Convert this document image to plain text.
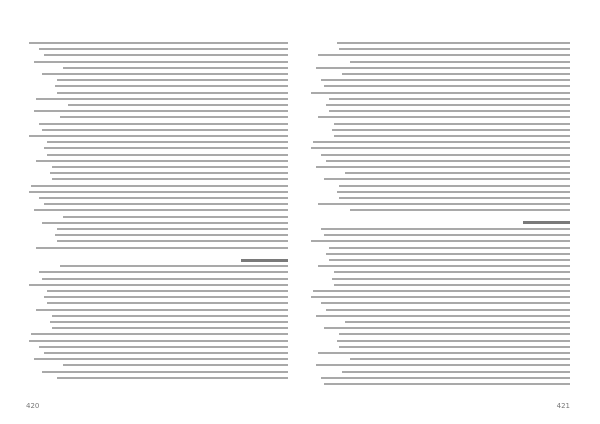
420	421
